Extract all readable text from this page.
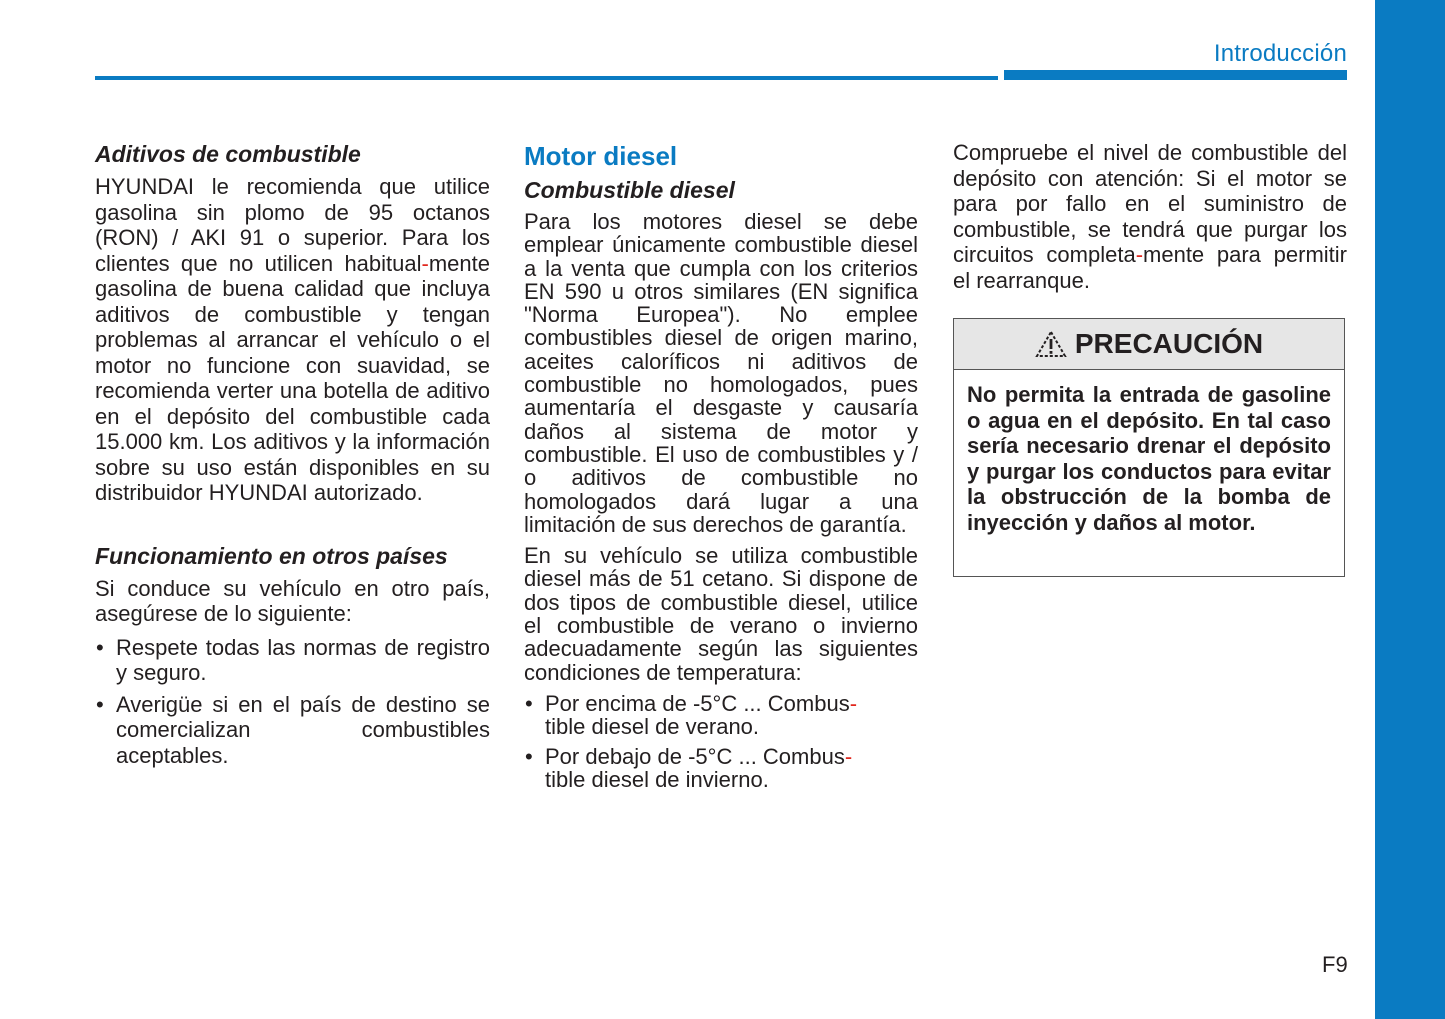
Introducción
Aditivos de combustible

HYUNDAI le recomienda que utilice gasolina sin plomo de 95 octanos (RON) / AKI 91 o superior. Para los clientes que no utilicen habitual-mente gasolina de buena calidad que incluya aditivos de combustible y tengan problemas al arrancar el vehículo o el motor no funcione con suavidad, se recomienda verter una botella de aditivo en el depósito del combustible cada 15.000 km. Los aditivos y la información sobre su uso están disponibles en su distribuidor HYUNDAI autorizado.

Funcionamiento en otros países

Si conduce su vehículo en otro país, asegúrese de lo siguiente:

• Respete todas las normas de registro y seguro.
• Averigüe si en el país de destino se comercializan combustibles aceptables.
Motor diesel
Combustible diesel

Para los motores diesel se debe emplear únicamente combustible diesel a la venta que cumpla con los criterios EN 590 u otros similares (EN significa "Norma Europea"). No emplee combustibles diesel de origen marino, aceites caloríficos ni aditivos de combustible no homologados, pues aumentaría el desgaste y causaría daños al sistema de motor y combustible. El uso de combustibles y / o aditivos de combustible no homologados dará lugar a una limitación de sus derechos de garantía.

En su vehículo se utiliza combustible diesel más de 51 cetano. Si dispone de dos tipos de combustible diesel, utilice el combustible de verano o invierno adecuadamente según las siguientes condiciones de temperatura:

• Por encima de -5°C ... Combus-
tible diesel de verano.
• Por debajo de -5°C ... Combus-
tible diesel de invierno.

Compruebe el nivel de combustible del depósito con atención: Si el motor se para por fallo en el suministro de combustible, se tendrá que purgar los circuitos completa-mente para permitir el rearranque.

PRECAUCIÓN
No permita la entrada de gasoline o agua en el depósito. En tal caso sería necesario drenar el depósito y purgar los conductos para evitar la obstrucción de la bomba de inyección y daños al motor.
F9
